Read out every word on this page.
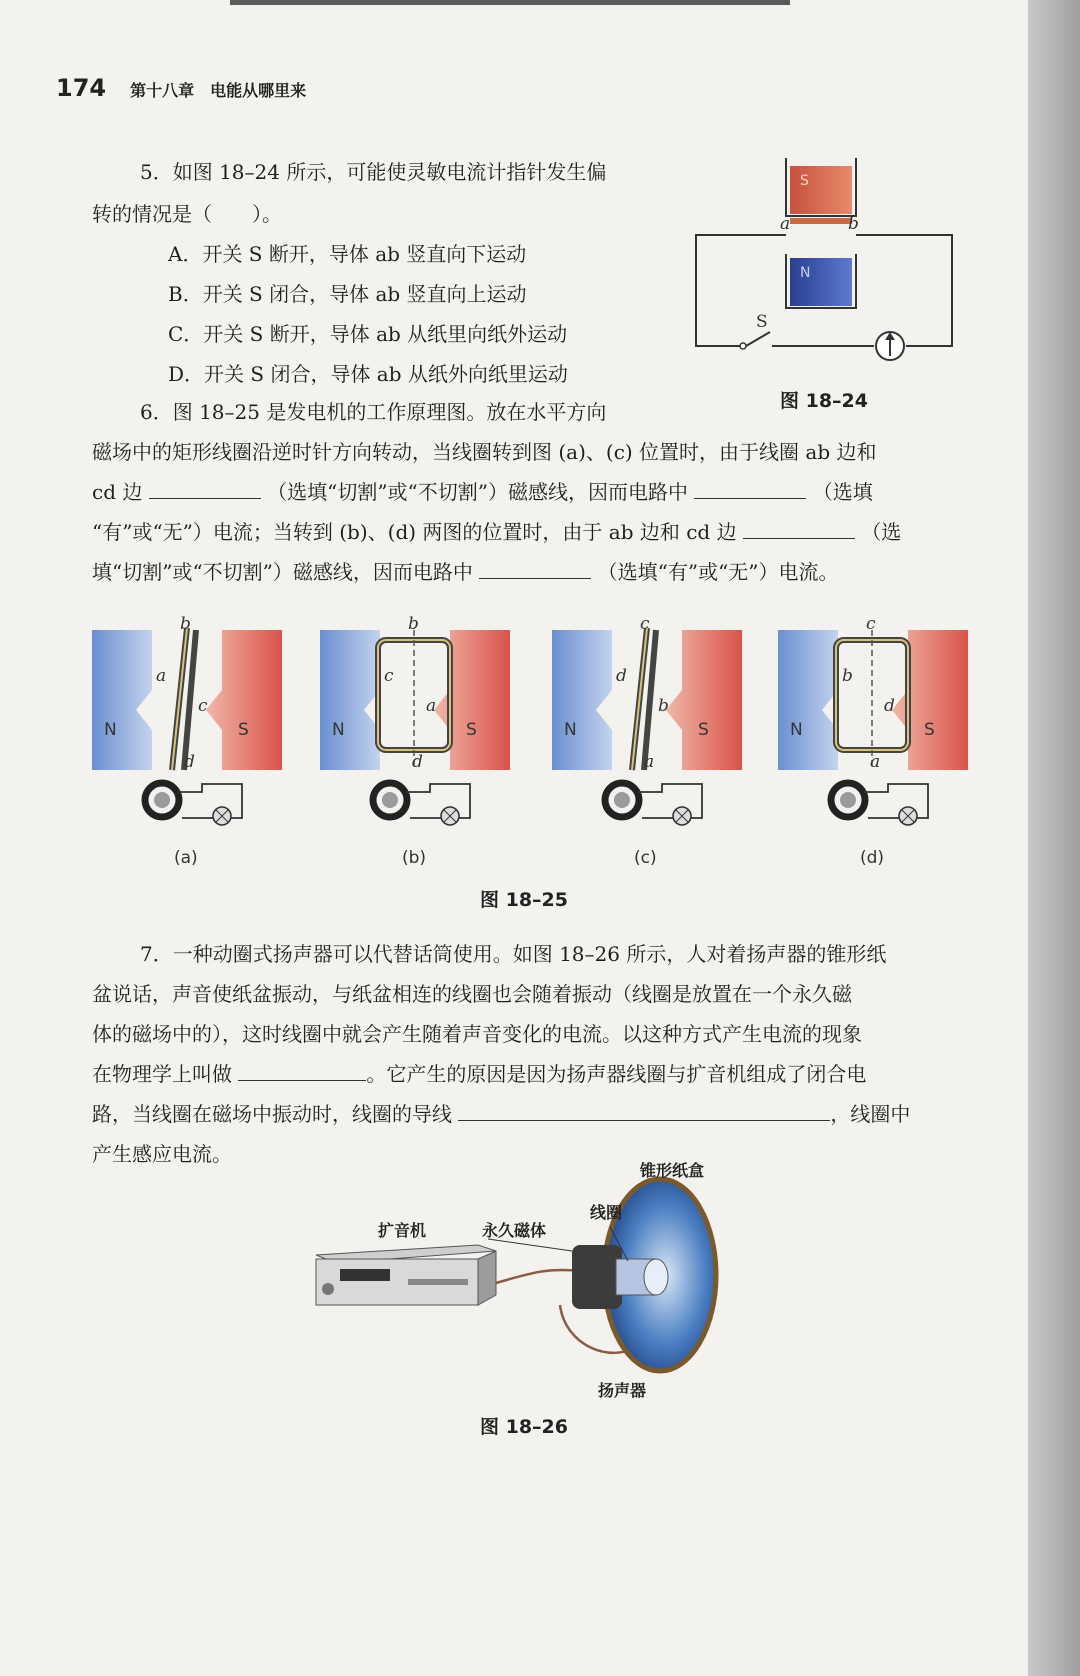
174 第十八章　电能从哪里来
5．如图 18–24 所示，可能使灵敏电流计指针发生偏
转的情况是（　　）。
A．开关 S 断开，导体 ab 竖直向下运动
B．开关 S 闭合，导体 ab 竖直向上运动
C．开关 S 断开，导体 ab 从纸里向纸外运动
D．开关 S 闭合，导体 ab 从纸外向纸里运动
S
N
a	b
S
图 18–24
6．图 18–25 是发电机的工作原理图。放在水平方向
磁场中的矩形线圈沿逆时针方向转动，当线圈转到图 (a)、(c) 位置时，由于线圈 ab 边和
cd 边	（选填“切割”或“不切割”）磁感线，因而电路中	（选填
“有”或“无”）电流；当转到 (b)、(d) 两图的位置时，由于 ab 边和 cd 边	（选
填“切割”或“不切割”）磁感线，因而电路中	（选填“有”或“无”）电流。
N	S
b
a
c
d
(a)
N	S
b
c
a
d
(b)
N	S
c
d
b
a
(c)
N	S
c
b
d
a
(d)
图 18–25
7．一种动圈式扬声器可以代替话筒使用。如图 18–26 所示，人对着扬声器的锥形纸
盆说话，声音使纸盆振动，与纸盆相连的线圈也会随着振动（线圈是放置在一个永久磁
体的磁场中的），这时线圈中就会产生随着声音变化的电流。以这种方式产生电流的现象
在物理学上叫做	。它产生的原因是因为扬声器线圈与扩音机组成了闭合电
路，当线圈在磁场中振动时，线圈的导线	，线圈中
产生感应电流。
锥形纸盒
线圈
扩音机	永久磁体
扬声器
图 18–26
